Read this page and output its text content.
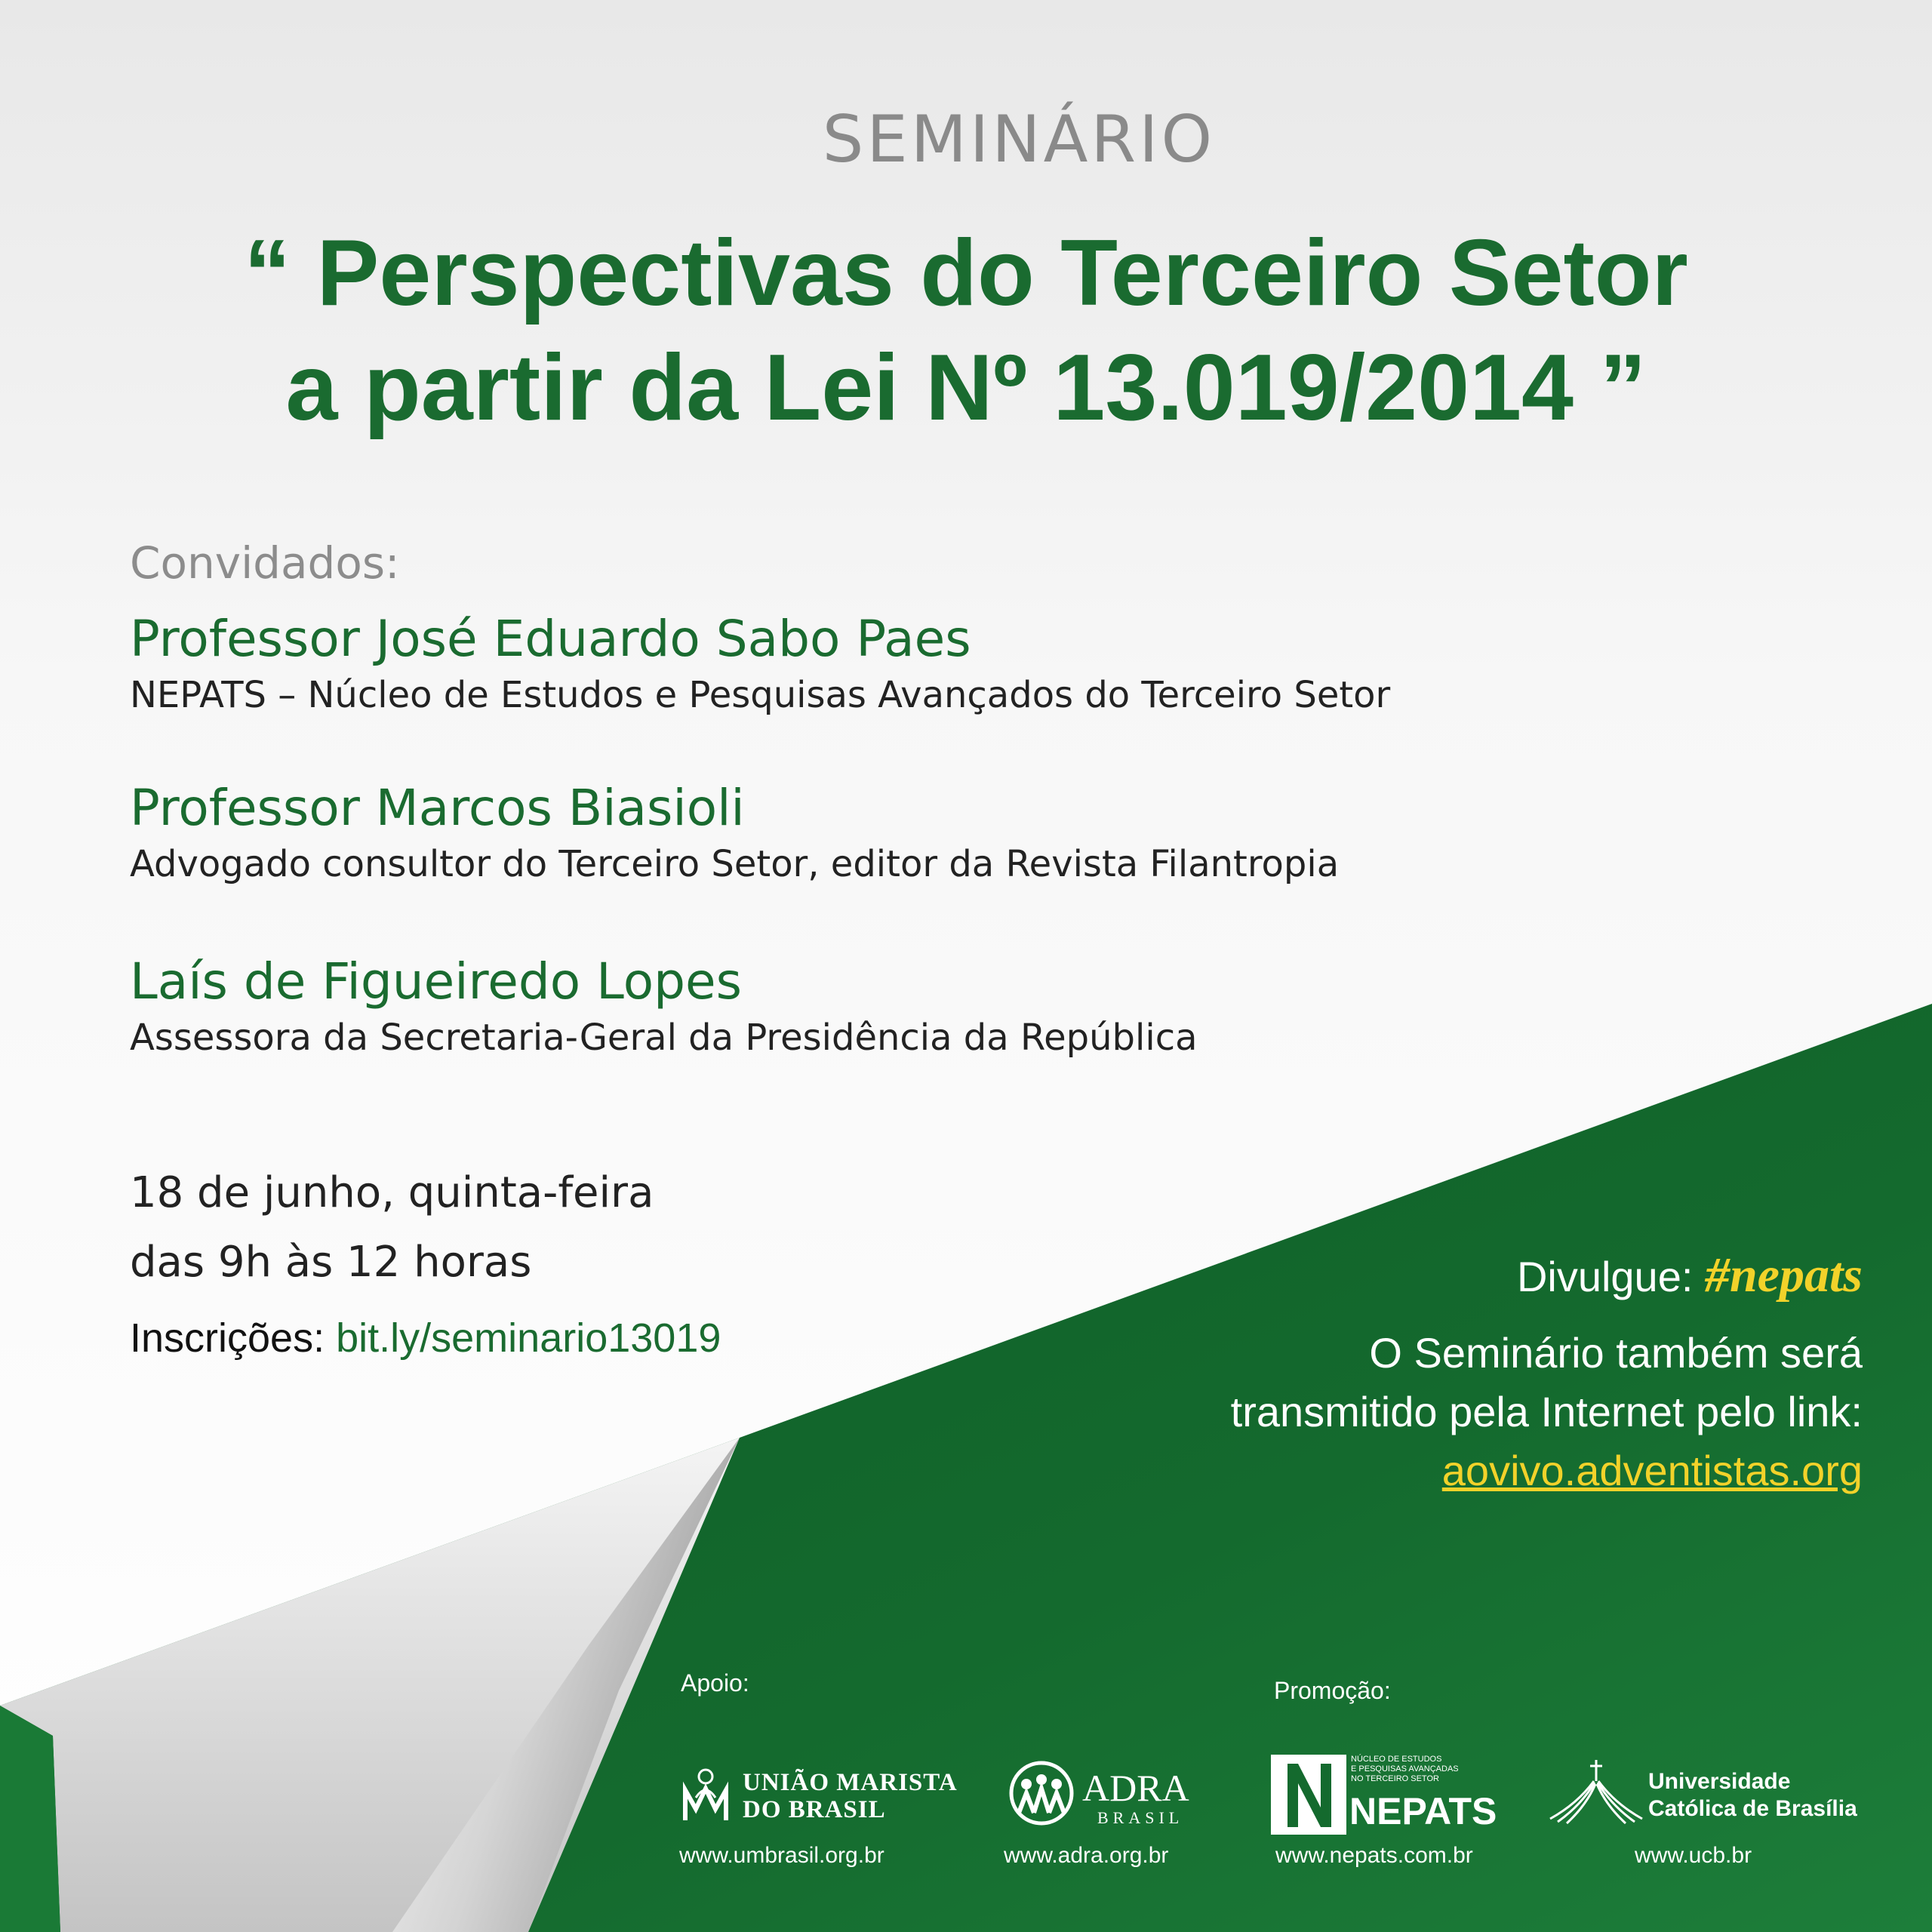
SEMINÁRIO
“ Perspectivas do Terceiro Setor
a partir da Lei Nº 13.019/2014 ”
Convidados:
Professor José Eduardo Sabo Paes
NEPATS – Núcleo de Estudos e Pesquisas Avançados do Terceiro Setor
Professor Marcos Biasioli
Advogado consultor do Terceiro Setor, editor da Revista Filantropia
Laís de Figueiredo Lopes
Assessora da Secretaria-Geral da Presidência da República
18 de junho, quinta-feira
das 9h às 12 horas
Inscrições: bit.ly/seminario13019
Divulgue: #nepats
O Seminário também será
transmitido pela Internet pelo link:
aovivo.adventistas.org
Apoio:	Promoção:
UNIÃO MARISTA
DO BRASIL
www.umbrasil.org.br
ADRA
BRASIL
www.adra.org.br
NÚCLEO DE ESTUDOS
E PESQUISAS AVANÇADAS
NO TERCEIRO SETOR
NEPATS
www.nepats.com.br
Universidade
Católica de Brasília
www.ucb.br
